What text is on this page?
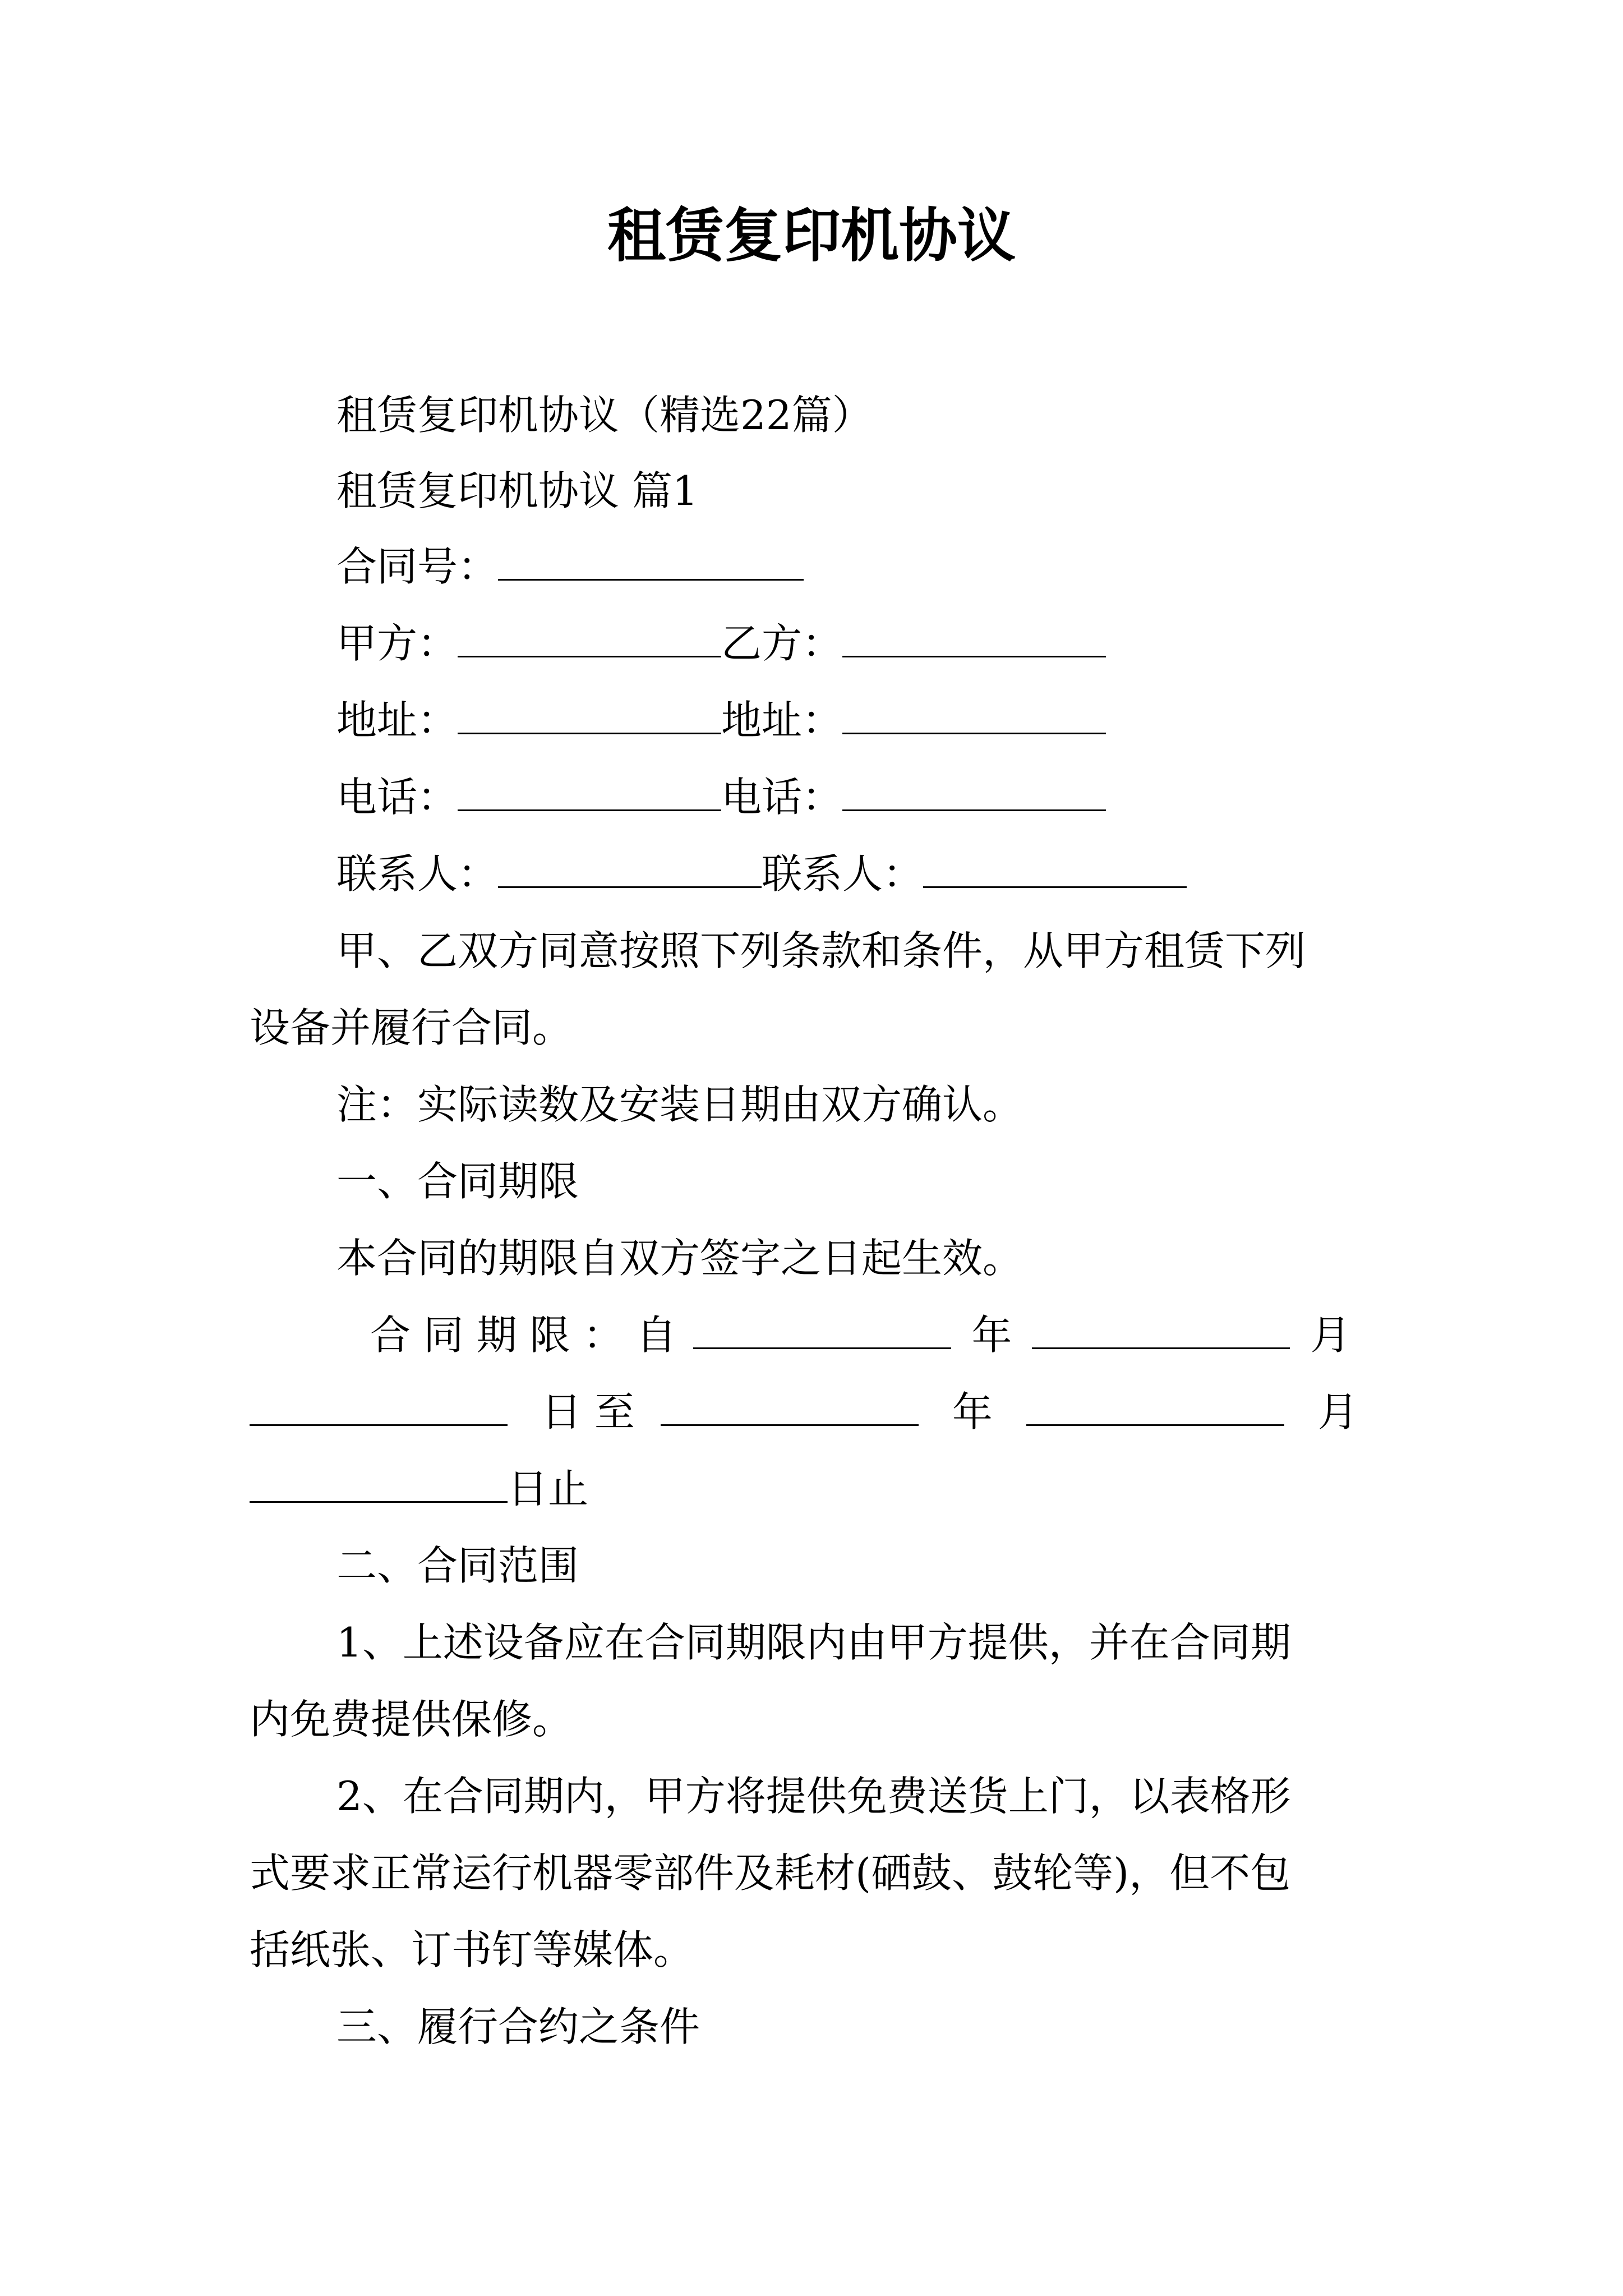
租赁复印机协议
租赁复印机协议（精选22篇）
租赁复印机协议 篇1
合同号：
甲方：	乙方：
地址：	地址：
电话：	电话：
联系人：	联系人：
甲、乙双方同意按照下列条款和条件，从甲方租赁下列
设备并履行合同。
注：实际读数及安装日期由双方确认。
一、合同期限
本合同的期限自双方签字之日起生效。
合 同 期 限 ： 自	年	月
日 至	年	月
日止
二、合同范围
1、上述设备应在合同期限内由甲方提供，并在合同期
内免费提供保修。
2、在合同期内，甲方将提供免费送货上门，以表格形
式要求正常运行机器零部件及耗材(硒鼓、鼓轮等)，但不包
括纸张、订书钉等媒体。
三、履行合约之条件
